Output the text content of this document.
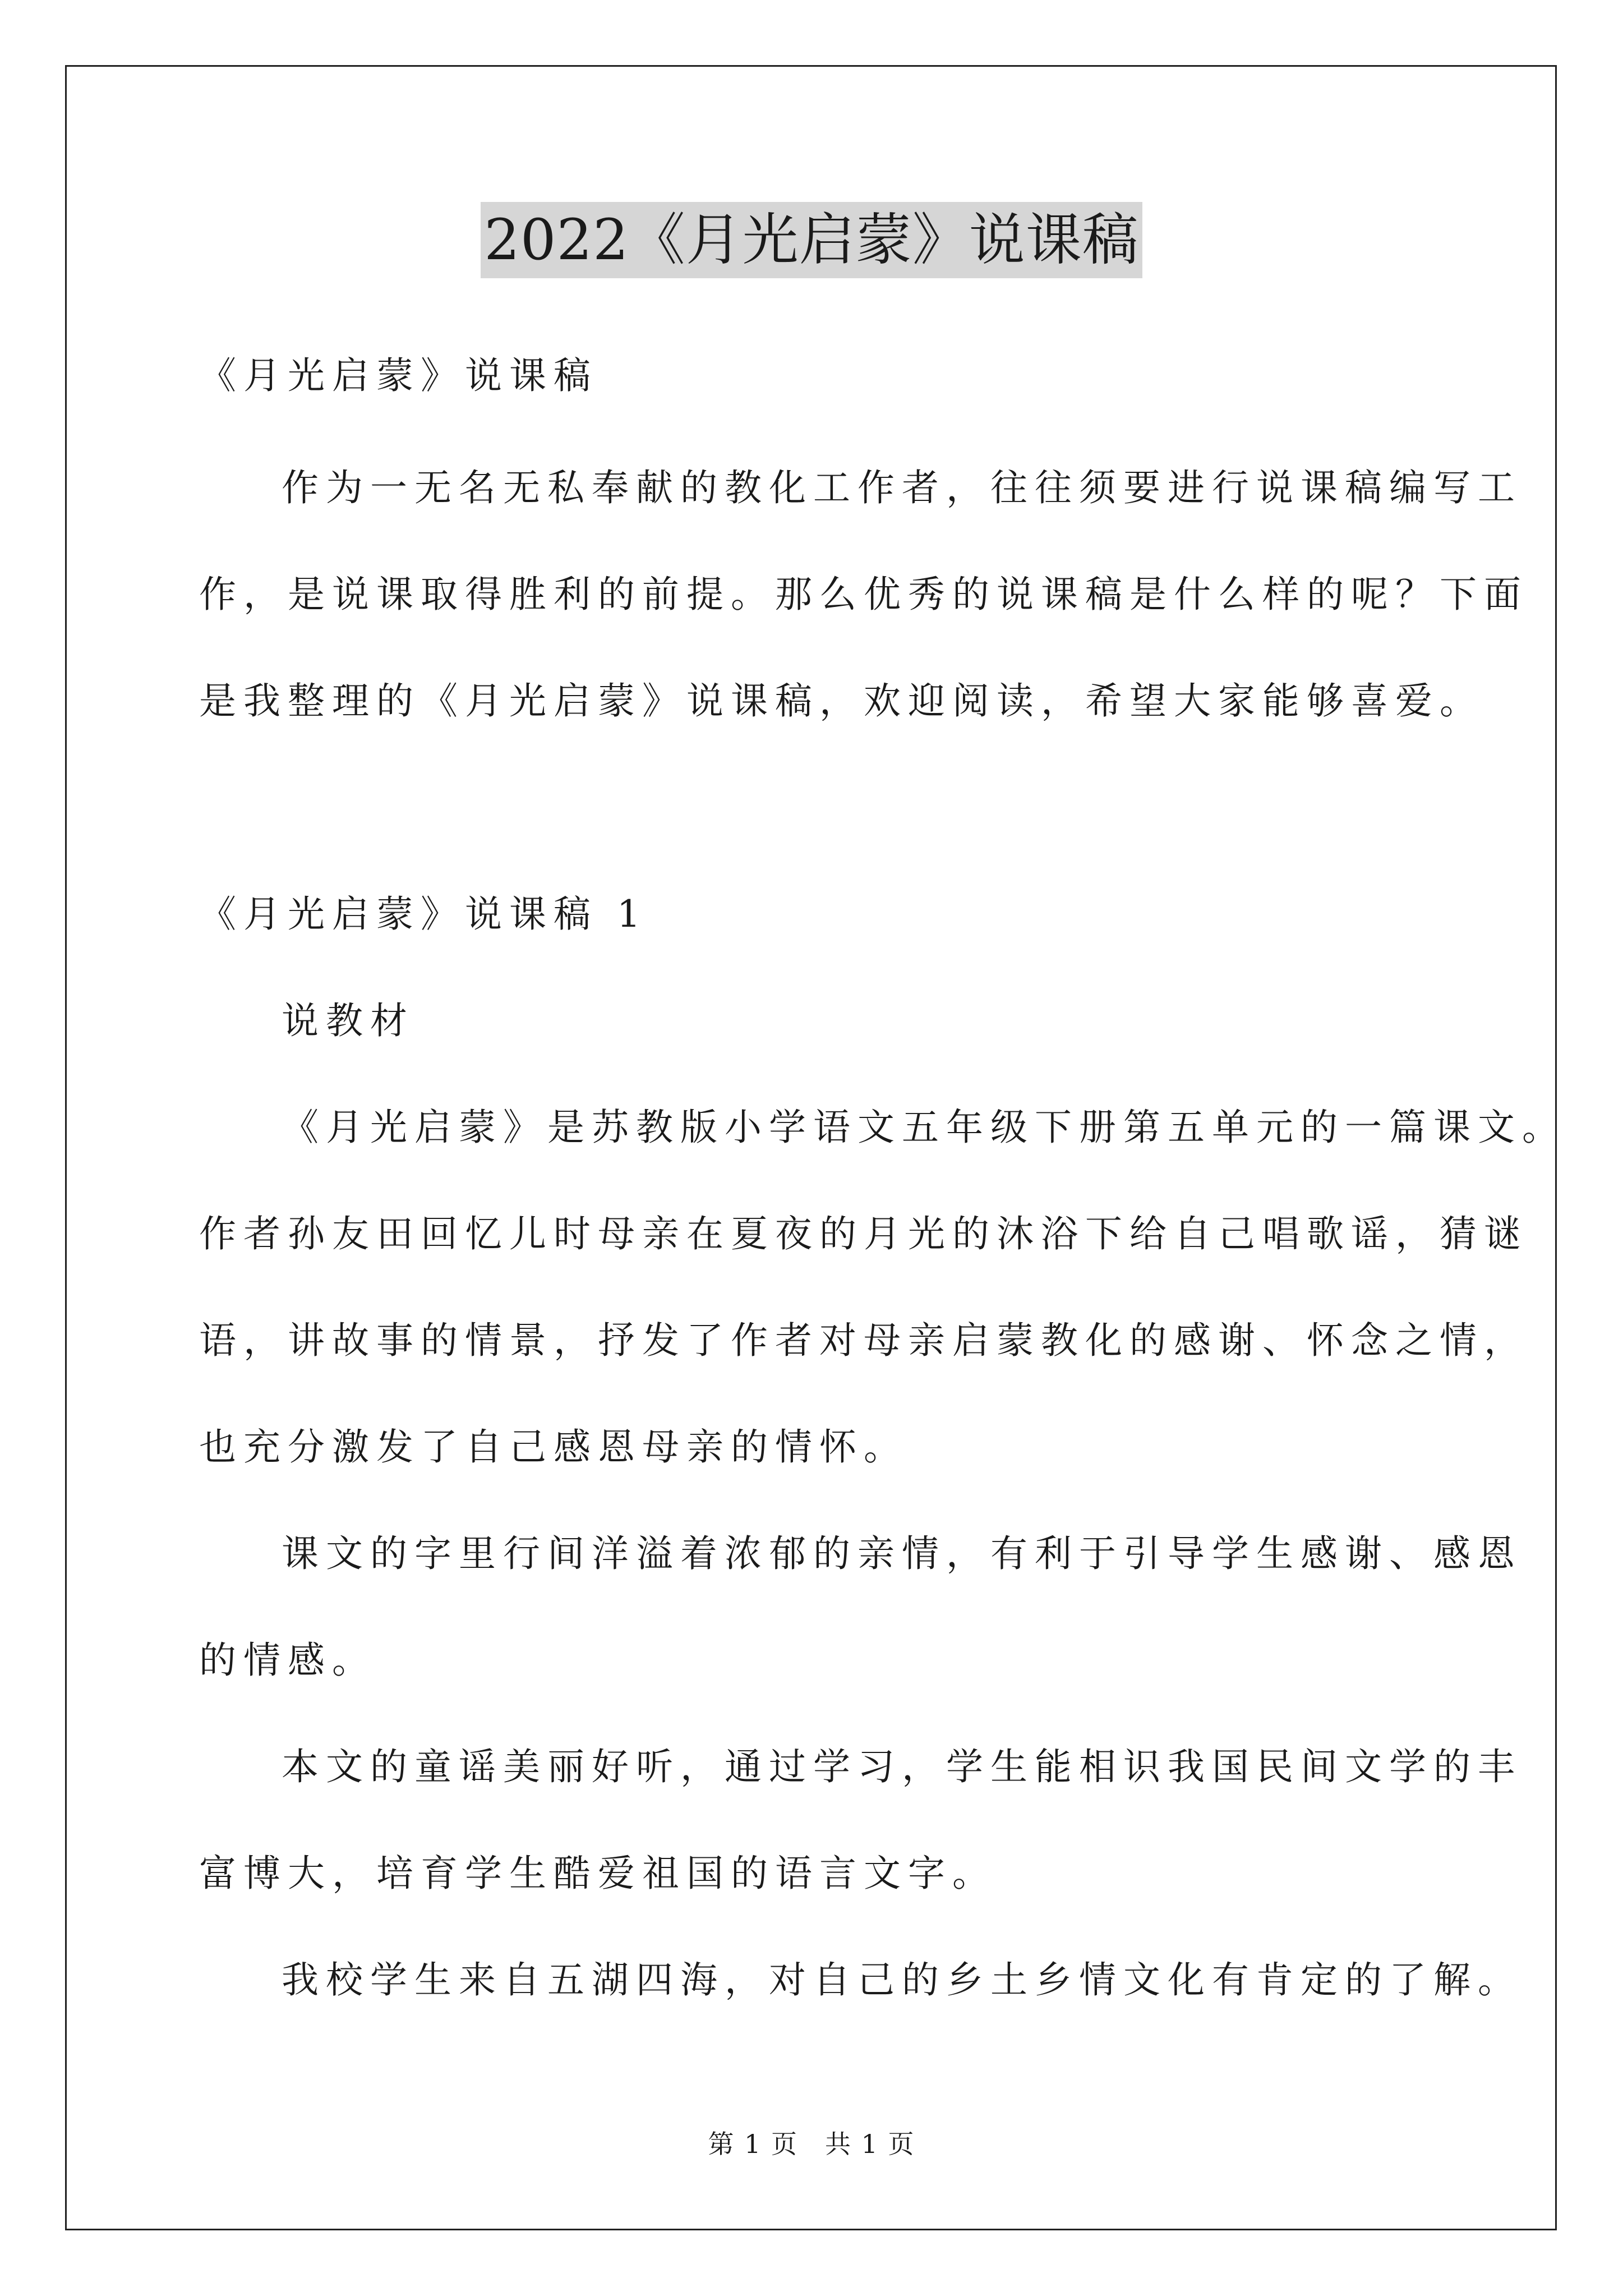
2022《月光启蒙》说课稿
《月光启蒙》说课稿
作为一无名无私奉献的教化工作者，往往须要进行说课稿编写工
作，是说课取得胜利的前提。那么优秀的说课稿是什么样的呢？下面
是我整理的《月光启蒙》说课稿，欢迎阅读，希望大家能够喜爱。
《月光启蒙》说课稿 1
说教材
《月光启蒙》是苏教版小学语文五年级下册第五单元的一篇课文。
作者孙友田回忆儿时母亲在夏夜的月光的沐浴下给自己唱歌谣，猜谜
语，讲故事的情景，抒发了作者对母亲启蒙教化的感谢、怀念之情，
也充分激发了自己感恩母亲的情怀。
课文的字里行间洋溢着浓郁的亲情，有利于引导学生感谢、感恩
的情感。
本文的童谣美丽好听，通过学习，学生能相识我国民间文学的丰
富博大，培育学生酷爱祖国的语言文字。
我校学生来自五湖四海，对自己的乡土乡情文化有肯定的了解。
第 1 页 共 1 页
